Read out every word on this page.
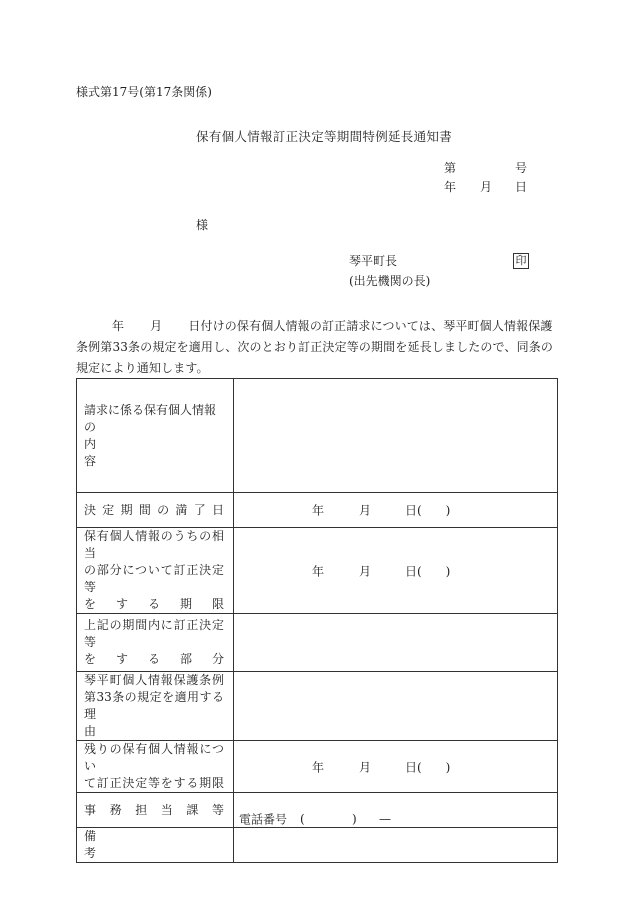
様式第17号(第17条関係)
保有個人情報訂正決定等期間特例延長通知書
第	号
年 月 日
様
琴平町長	印
(出先機関の長)
年 月 日付けの保有個人情報の訂正請求については、琴平町個人情報保護条例第33条の規定を適用し、次のとおり訂正決定等の期間を延長しましたので、同条の規定により通知します。
請求に係る保有個人情報の
内　　　　　　　　　　容	

決定期間の満了日	年 月 日(　　)

保有個人情報のうちの相当
の部分について訂正決定等
をする期限	年 月 日(　　)

上記の期間内に訂正決定等
をする部分	

琴平町個人情報保護条例
第33条の規定を適用する
理　　　　　　　　　　由	

残りの保有個人情報につい
て訂正決定等をする期限	年 月 日(　　)

事務担当課等	電話番号 ( ) —

備　　　　　　　　　　考	
